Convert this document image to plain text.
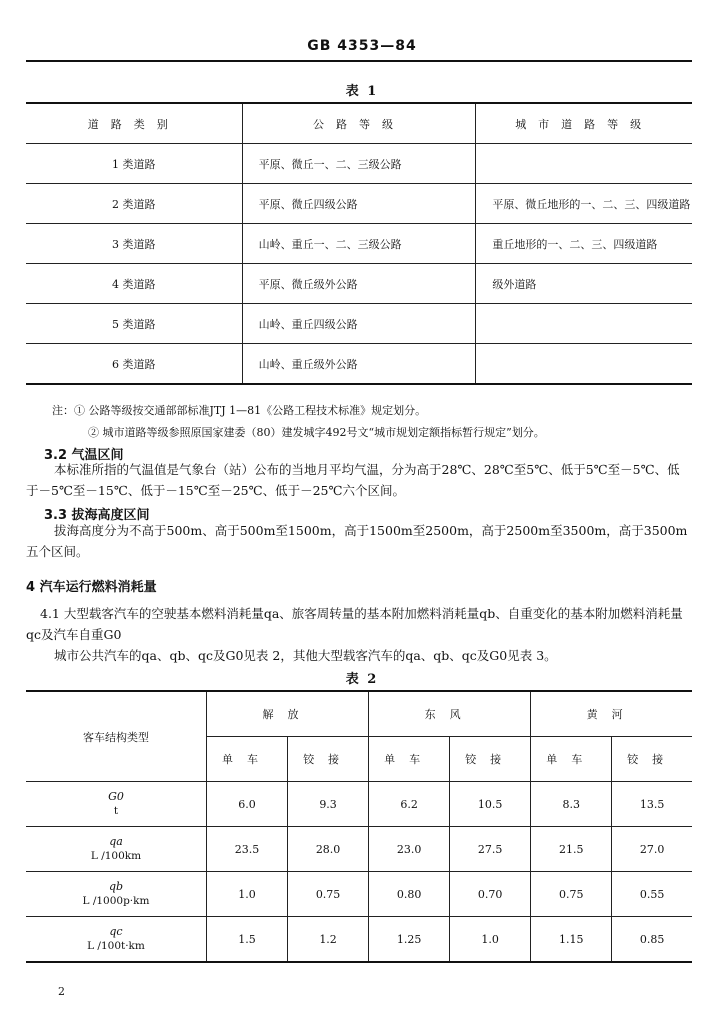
GB 4353—84
表 1
道路类别	公路等级	城市道路等级
1 类道路	平原、微丘一、二、三级公路	
2 类道路	平原、微丘四级公路	平原、微丘地形的一、二、三、四级道路
3 类道路	山岭、重丘一、二、三级公路	重丘地形的一、二、三、四级道路
4 类道路	平原、微丘级外公路	级外道路
5 类道路	山岭、重丘四级公路	
6 类道路	山岭、重丘级外公路	
注：① 公路等级按交通部部标准JTJ 1—81《公路工程技术标准》规定划分。
② 城市道路等级参照原国家建委（80）建发城字492号文“城市规划定额指标暂行规定”划分。
3.2 气温区间
本标准所指的气温值是气象台（站）公布的当地月平均气温，分为高于28℃、28℃至5℃、低于5℃至－5℃、低于－5℃至－15℃、低于－15℃至－25℃、低于－25℃六个区间。
3.3 拔海高度区间
拔海高度分为不高于500m、高于500m至1500m，高于1500m至2500m，高于2500m至3500m，高于3500m五个区间。
4 汽车运行燃料消耗量
4.1 大型载客汽车的空驶基本燃料消耗量qa、旅客周转量的基本附加燃料消耗量qb、自重变化的基本附加燃料消耗量qc及汽车自重G0
城市公共汽车的qa、qb、qc及G0见表 2，其他大型载客汽车的qa、qb、qc及G0见表 3。
表 2
客车结构类型	解放		东风		黄河	
	单车	铰接	单车	铰接	单车	铰接

G0
t	6.0	9.3	6.2	10.5	8.3	13.5

qa
L /100km	23.5	28.0	23.0	27.5	21.5	27.0

qb
L /1000p·km	1.0	0.75	0.80	0.70	0.75	0.55

qc
L /100t·km	1.5	1.2	1.25	1.0	1.15	0.85
2
